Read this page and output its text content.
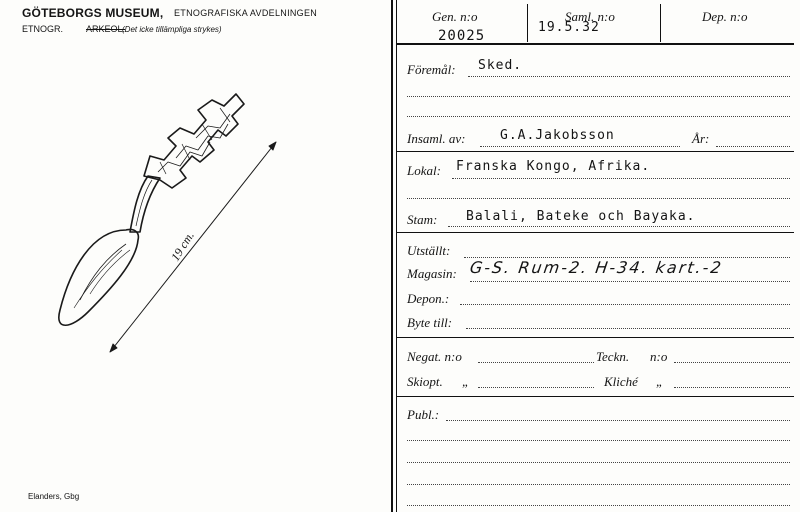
GÖTEBORGS MUSEUM, ETNOGRAFISKA AVDELNINGEN
ETNOGR.	ARKEOL.
(Det icke tillämpliga strykes)
19 cm.
Elanders, Gbg
Gen. n:o
20025
Saml. n:o
19.5.32
Dep. n:o
Föremål: Sked.
Insaml. av:	G.A.Jakobsson	År:
Lokal: Franska Kongo, Afrika.
Stam: Balali, Bateke och Bayaka.
Utställt:
Magasin: G-S. Rum-2. H-34. kart.-2
Depon.:
Byte till:
Negat. n:o	Teckn. n:o
Skiopt. „	Kliché „
Publ.:
